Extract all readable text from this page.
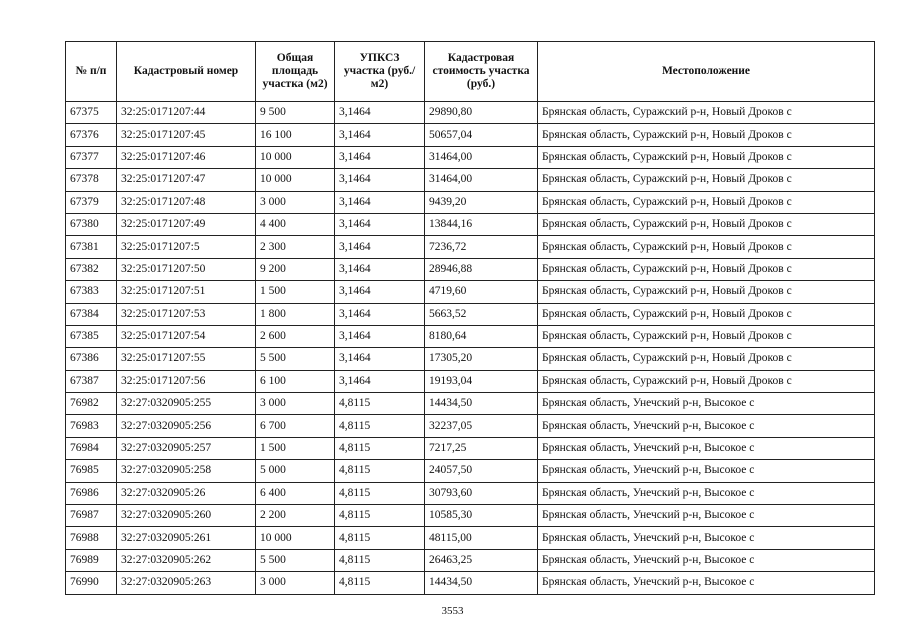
№ п/п	Кадастровый номер	Общая площадь участка (м2)	УПКСЗ участка (руб./м2)	Кадастровая стоимость участка (руб.)	Местоположение
67375	32:25:0171207:44	9 500	3,1464	29890,80	Брянская область, Суражский р-н, Новый Дроков с
67376	32:25:0171207:45	16 100	3,1464	50657,04	Брянская область, Суражский р-н, Новый Дроков с
67377	32:25:0171207:46	10 000	3,1464	31464,00	Брянская область, Суражский р-н, Новый Дроков с
67378	32:25:0171207:47	10 000	3,1464	31464,00	Брянская область, Суражский р-н, Новый Дроков с
67379	32:25:0171207:48	3 000	3,1464	9439,20	Брянская область, Суражский р-н, Новый Дроков с
67380	32:25:0171207:49	4 400	3,1464	13844,16	Брянская область, Суражский р-н, Новый Дроков с
67381	32:25:0171207:5	2 300	3,1464	7236,72	Брянская область, Суражский р-н, Новый Дроков с
67382	32:25:0171207:50	9 200	3,1464	28946,88	Брянская область, Суражский р-н, Новый Дроков с
67383	32:25:0171207:51	1 500	3,1464	4719,60	Брянская область, Суражский р-н, Новый Дроков с
67384	32:25:0171207:53	1 800	3,1464	5663,52	Брянская область, Суражский р-н, Новый Дроков с
67385	32:25:0171207:54	2 600	3,1464	8180,64	Брянская область, Суражский р-н, Новый Дроков с
67386	32:25:0171207:55	5 500	3,1464	17305,20	Брянская область, Суражский р-н, Новый Дроков с
67387	32:25:0171207:56	6 100	3,1464	19193,04	Брянская область, Суражский р-н, Новый Дроков с
76982	32:27:0320905:255	3 000	4,8115	14434,50	Брянская область, Унечский р-н, Высокое с
76983	32:27:0320905:256	6 700	4,8115	32237,05	Брянская область, Унечский р-н, Высокое с
76984	32:27:0320905:257	1 500	4,8115	7217,25	Брянская область, Унечский р-н, Высокое с
76985	32:27:0320905:258	5 000	4,8115	24057,50	Брянская область, Унечский р-н, Высокое с
76986	32:27:0320905:26	6 400	4,8115	30793,60	Брянская область, Унечский р-н, Высокое с
76987	32:27:0320905:260	2 200	4,8115	10585,30	Брянская область, Унечский р-н, Высокое с
76988	32:27:0320905:261	10 000	4,8115	48115,00	Брянская область, Унечский р-н, Высокое с
76989	32:27:0320905:262	5 500	4,8115	26463,25	Брянская область, Унечский р-н, Высокое с
76990	32:27:0320905:263	3 000	4,8115	14434,50	Брянская область, Унечский р-н, Высокое с
3553
